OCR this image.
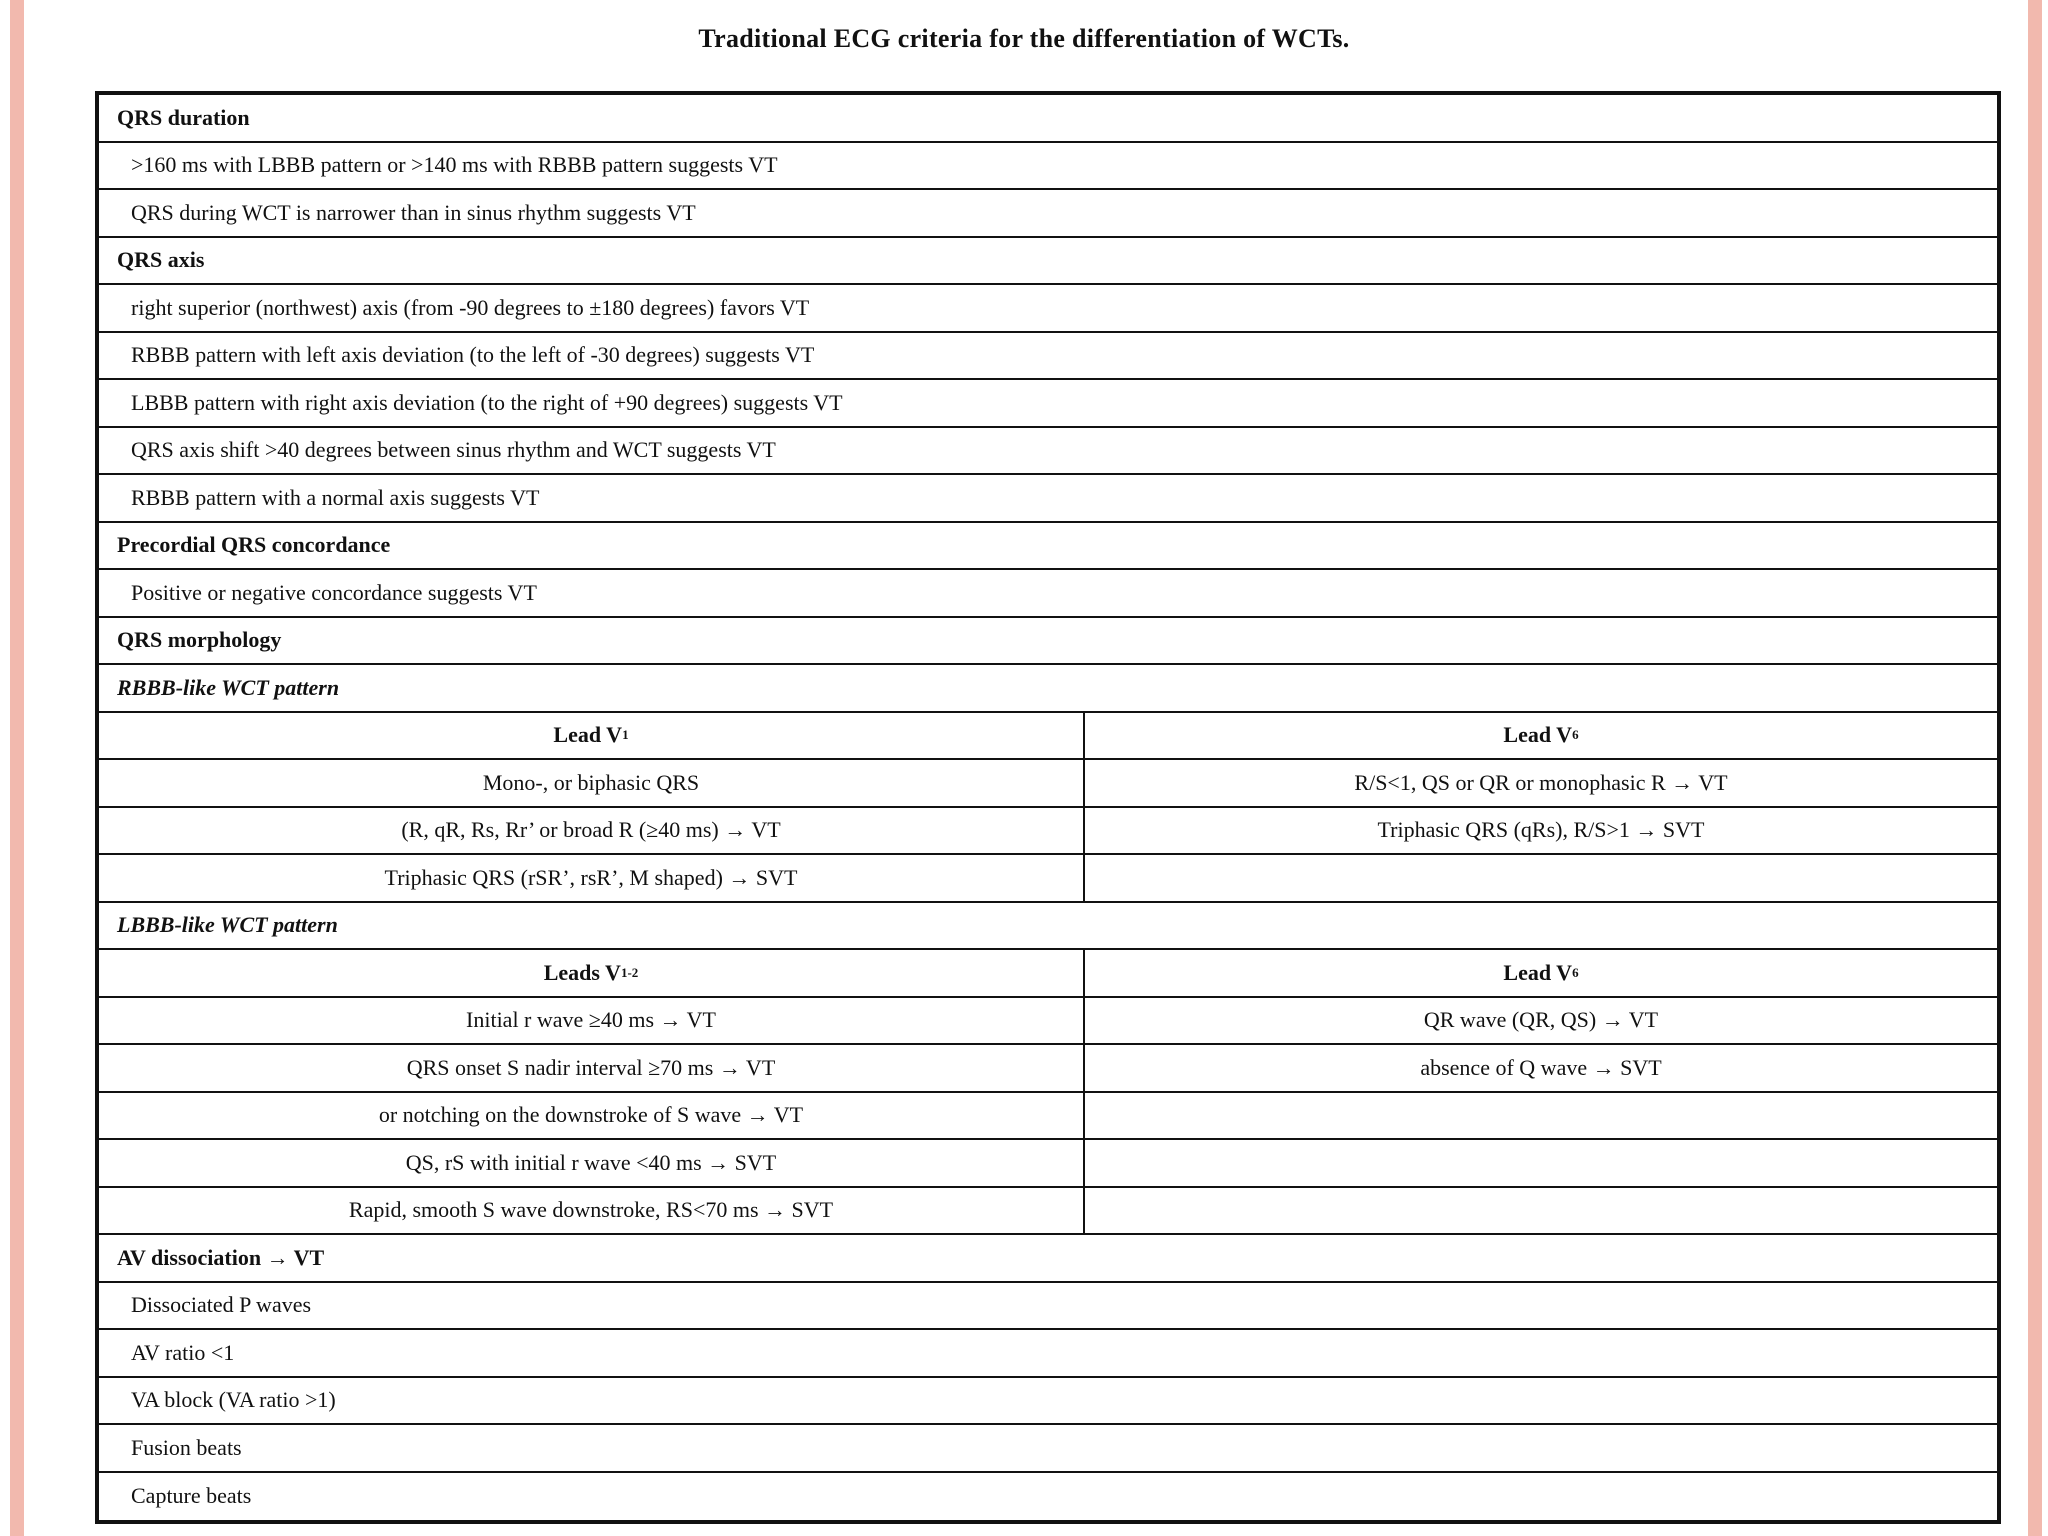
Traditional ECG criteria for the differentiation of WCTs.
QRS duration
>160 ms with LBBB pattern or >140 ms with RBBB pattern suggests VT
QRS during WCT is narrower than in sinus rhythm suggests VT
QRS axis
right superior (northwest) axis (from -90 degrees to ±180 degrees) favors VT
RBBB pattern with left axis deviation (to the left of -30 degrees) suggests VT
LBBB pattern with right axis deviation (to the right of +90 degrees) suggests VT
QRS axis shift >40 degrees between sinus rhythm and WCT suggests VT
RBBB pattern with a normal axis suggests VT
Precordial QRS concordance
Positive or negative concordance suggests VT
QRS morphology
RBBB-like WCT pattern
Lead V 1	Lead V 6
Mono-, or biphasic QRS	R/S<1, QS or QR or monophasic R → VT
(R, qR, Rs, Rr’ or broad R (≥40 ms) → VT	Triphasic QRS (qRs), R/S>1 → SVT
Triphasic QRS (rSR’, rsR’, M shaped) → SVT
LBBB-like WCT pattern
Leads V 1-2	Lead V 6
Initial r wave ≥40 ms → VT	QR wave (QR, QS) → VT
QRS onset S nadir interval ≥70 ms → VT	absence of Q wave → SVT
or notching on the downstroke of S wave → VT
QS, rS with initial r wave <40 ms → SVT
Rapid, smooth S wave downstroke, RS<70 ms → SVT
AV dissociation → VT
Dissociated P waves
AV ratio <1
VA block (VA ratio >1)
Fusion beats
Capture beats
